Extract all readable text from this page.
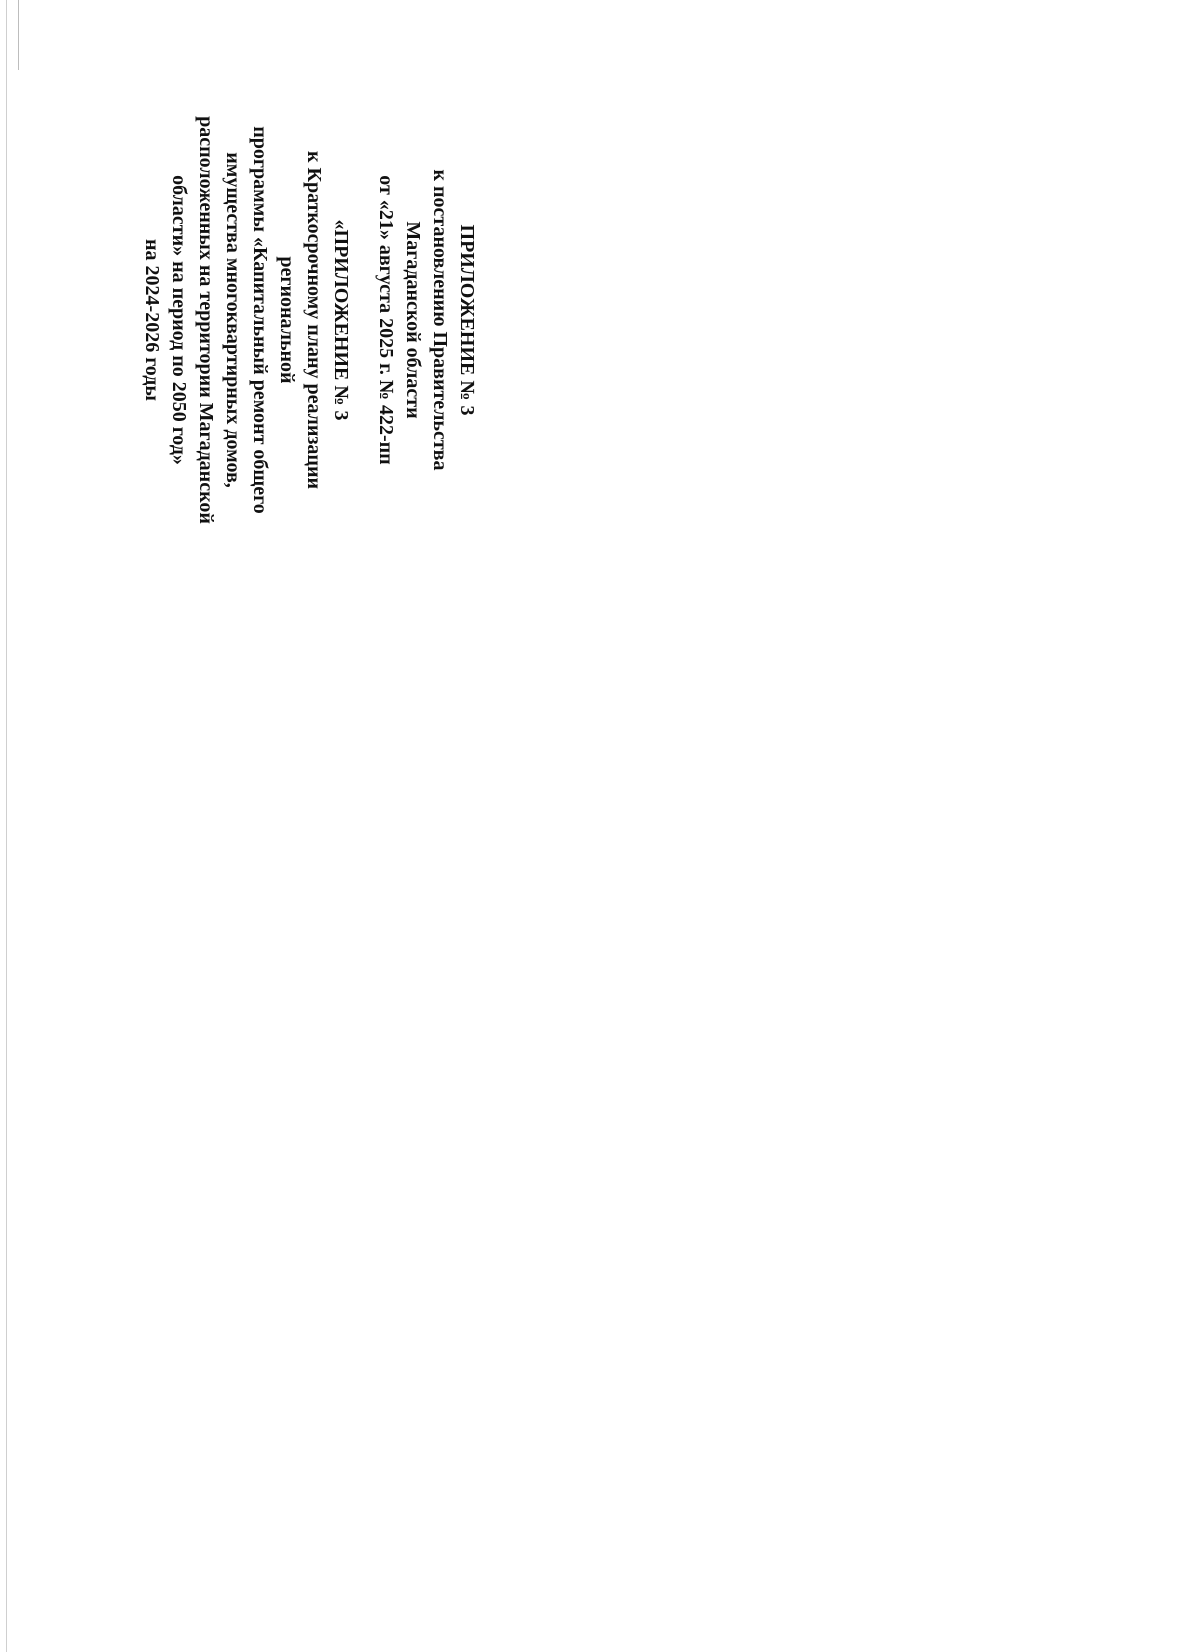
ПРИЛОЖЕНИЕ № 3
к постановлению Правительства
Магаданской области
от «21» августа 2025 г. № 422-пп
«ПРИЛОЖЕНИЕ № 3
к Краткосрочному плану реализации региональной
программы «Капитальный ремонт общего
имущества многоквартирных домов,
расположенных на территории Магаданской
области» на период по 2050 год»
на 2024-2026 годы
